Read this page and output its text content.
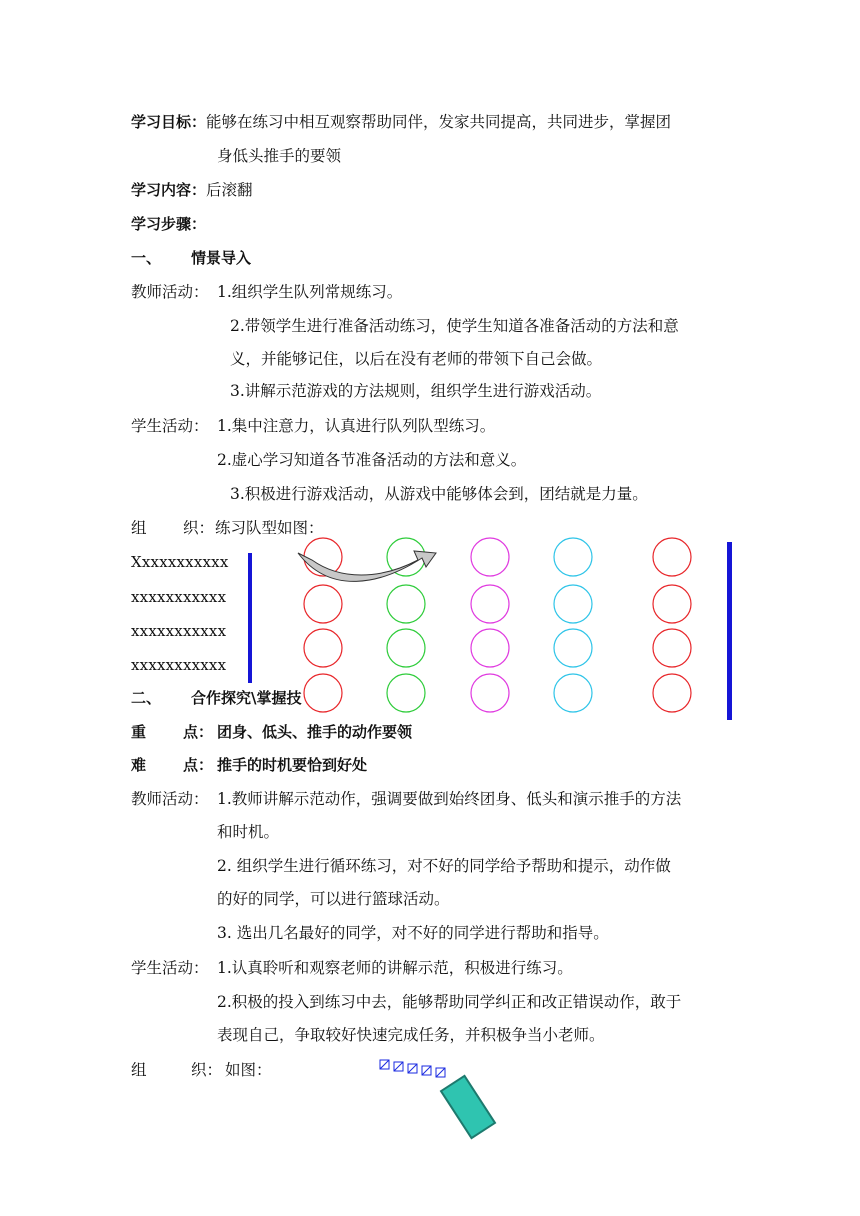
学习目标：能够在练习中相互观察帮助同伴，发家共同提高，共同进步，掌握团
身低头推手的要领
学习内容：后滚翻
学习步骤：
一、 情景导入
教师活动： 1.组织学生队列常规练习。
2.带领学生进行准备活动练习，使学生知道各准备活动的方法和意
义，并能够记住，以后在没有老师的带领下自己会做。
3.讲解示范游戏的方法规则，组织学生进行游戏活动。
学生活动： 1.集中注意力，认真进行队列队型练习。
2.虚心学习知道各节准备活动的方法和意义。
3.积极进行游戏活动，从游戏中能够体会到，团结就是力量。
组 织： 练习队型如图：
Xxxxxxxxxxx
xxxxxxxxxxx
xxxxxxxxxxx
xxxxxxxxxxx
二、 合作探究\掌握技
重 点： 团身、低头、推手的动作要领
难 点： 推手的时机要恰到好处
教师活动： 1.教师讲解示范动作，强调要做到始终团身、低头和演示推手的方法
和时机。
2. 组织学生进行循环练习，对不好的同学给予帮助和提示，动作做
的好的同学，可以进行篮球活动。
3. 选出几名最好的同学，对不好的同学进行帮助和指导。
学生活动： 1.认真聆听和观察老师的讲解示范，积极进行练习。
2.积极的投入到练习中去，能够帮助同学纠正和改正错误动作，敢于
表现自己，争取较好快速完成任务，并积极争当小老师。
组	织： 如图：
